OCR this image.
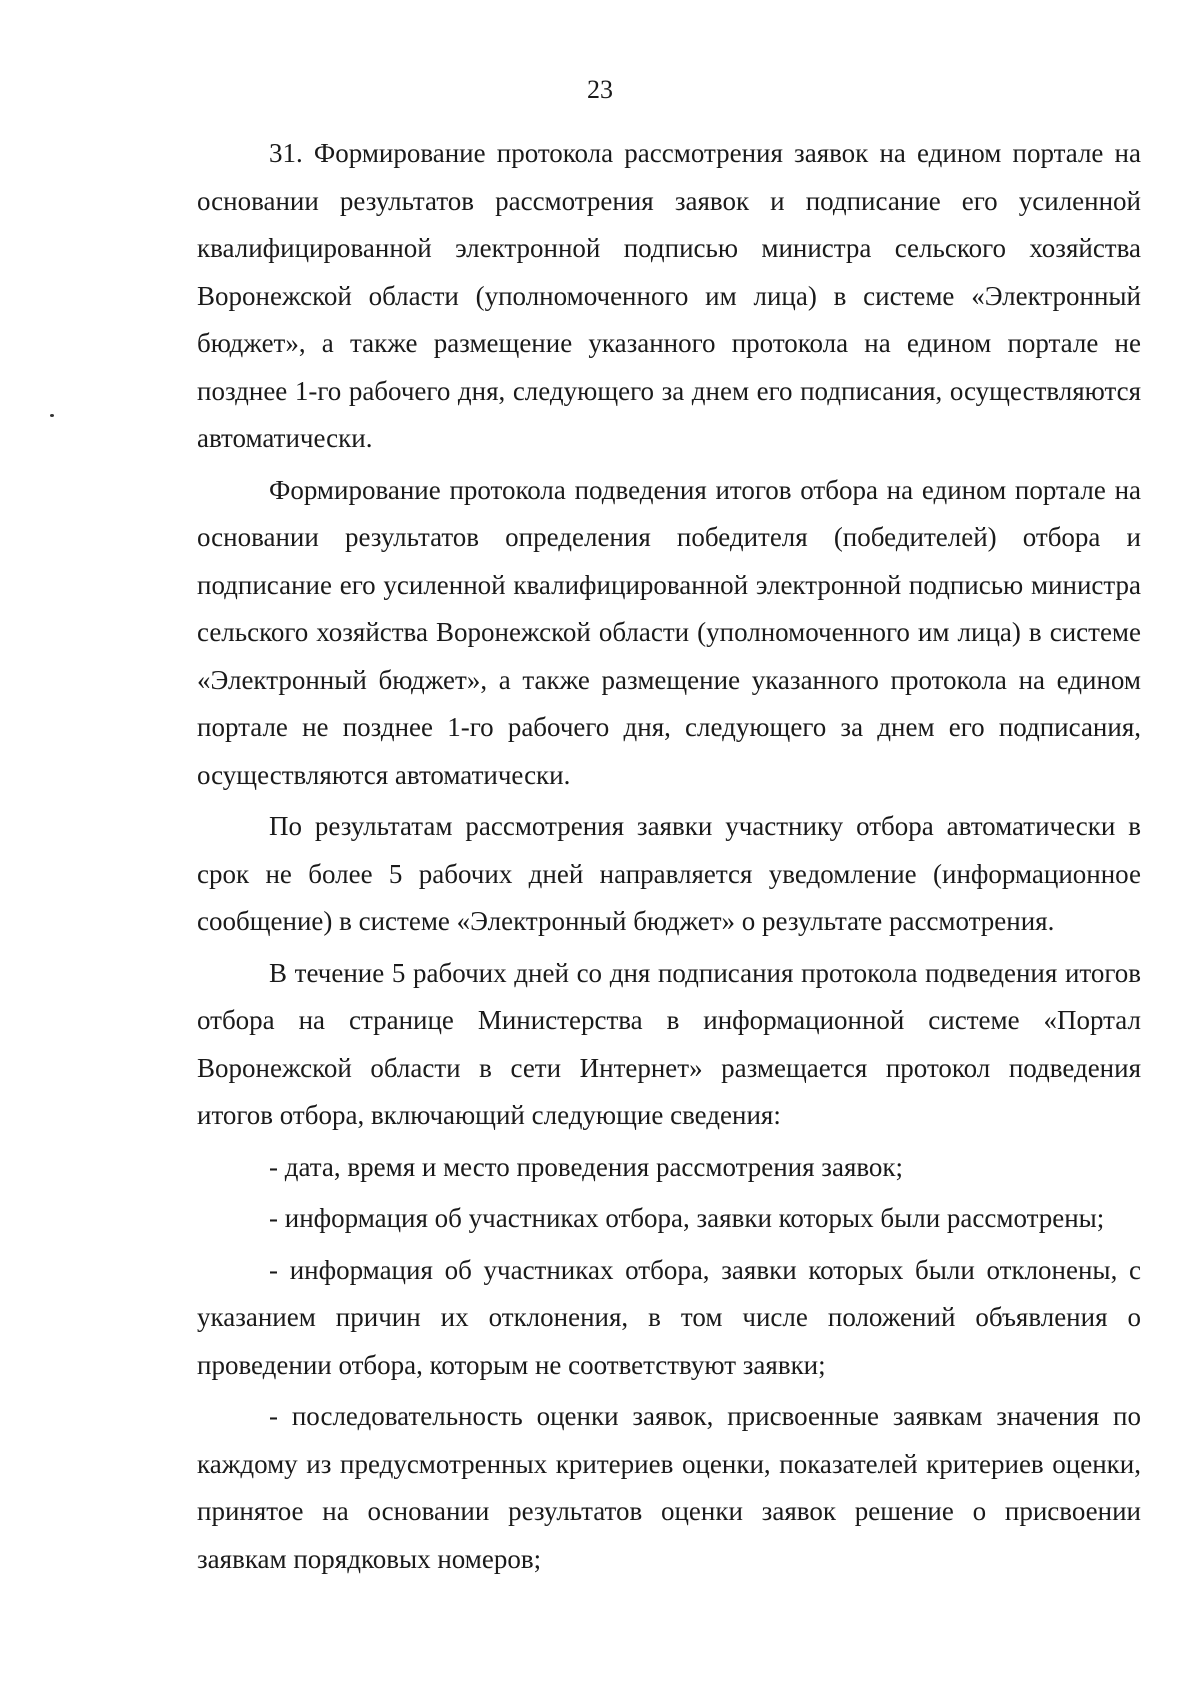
23

31. Формирование протокола рассмотрения заявок на едином портале на основании результатов рассмотрения заявок и подписание его усиленной квалифицированной электронной подписью министра сельского хозяйства Воронежской области (уполномоченного им лица) в системе «Электронный бюджет», а также размещение указанного протокола на едином портале не позднее 1-го рабочего дня, следующего за днем его подписания, осуществляются автоматически.

Формирование протокола подведения итогов отбора на едином портале на основании результатов определения победителя (победителей) отбора и подписание его усиленной квалифицированной электронной подписью министра сельского хозяйства Воронежской области (уполномоченного им лица) в системе «Электронный бюджет», а также размещение указанного протокола на едином портале не позднее 1-го рабочего дня, следующего за днем его подписания, осуществляются автоматически.

По результатам рассмотрения заявки участнику отбора автоматически в срок не более 5 рабочих дней направляется уведомление (информационное сообщение) в системе «Электронный бюджет» о результате рассмотрения.

В течение 5 рабочих дней со дня подписания протокола подведения итогов отбора на странице Министерства в информационной системе «Портал Воронежской области в сети Интернет» размещается протокол подведения итогов отбора, включающий следующие сведения:

- дата, время и место проведения рассмотрения заявок;

- информация об участниках отбора, заявки которых были рассмотрены;

- информация об участниках отбора, заявки которых были отклонены, с указанием причин их отклонения, в том числе положений объявления о проведении отбора, которым не соответствуют заявки;

- последовательность оценки заявок, присвоенные заявкам значения по каждому из предусмотренных критериев оценки, показателей критериев оценки, принятое на основании результатов оценки заявок решение о присвоении заявкам порядковых номеров;
